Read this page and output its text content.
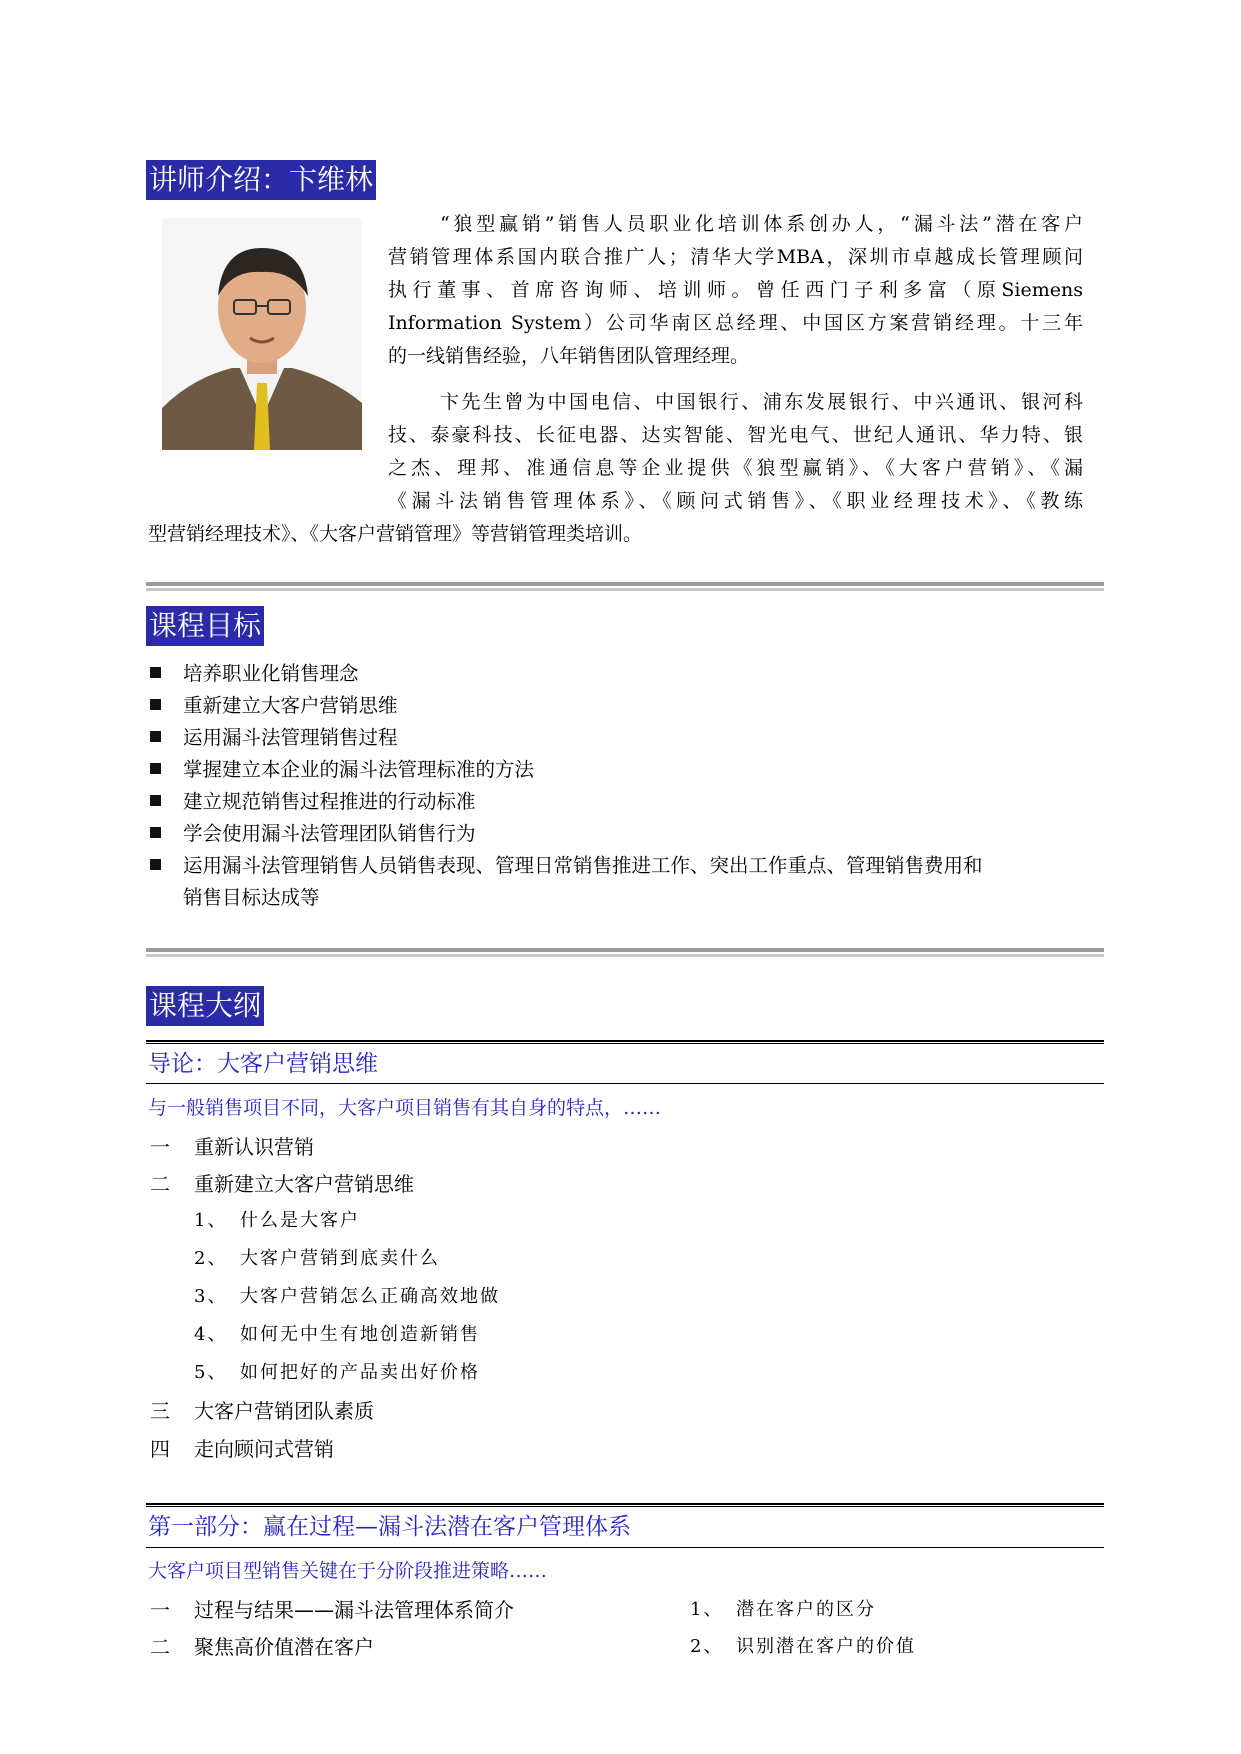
讲师介绍：卞维林
“狼型赢销”销售人员职业化培训体系创办人，“漏斗法”潜在客户
营销管理体系国内联合推广人；清华大学MBA，深圳市卓越成长管理顾问
执行董事、首席咨询师、培训师。曾任西门子利多富（原Siemens
Information System）公司华南区总经理、中国区方案营销经理。十三年
的一线销售经验，八年销售团队管理经理。
卞先生曾为中国电信、中国银行、浦东发展银行、中兴通讯、银河科
技、泰豪科技、长征电器、达实智能、智光电气、世纪人通讯、华力特、银
之杰、理邦、准通信息等企业提供《狼型赢销》、《大客户营销》、《漏
《漏斗法销售管理体系》、《顾问式销售》、《职业经理技术》、《教练
型营销经理技术》、《大客户营销管理》等营销管理类培训。
课程目标
培养职业化销售理念
重新建立大客户营销思维
运用漏斗法管理销售过程
掌握建立本企业的漏斗法管理标准的方法
建立规范销售过程推进的行动标准
学会使用漏斗法管理团队销售行为
运用漏斗法管理销售人员销售表现、管理日常销售推进工作、突出工作重点、管理销售费用和
销售目标达成等
课程大纲
导论：大客户营销思维
与一般销售项目不同，大客户项目销售有其自身的特点，……
一 重新认识营销
二 重新建立大客户营销思维
1、 什么是大客户
2、 大客户营销到底卖什么
3、 大客户营销怎么正确高效地做
4、 如何无中生有地创造新销售
5、 如何把好的产品卖出好价格
三 大客户营销团队素质
四 走向顾问式营销
第一部分：赢在过程—漏斗法潜在客户管理体系
大客户项目型销售关键在于分阶段推进策略……
一 过程与结果——漏斗法管理体系简介
二 聚焦高价值潜在客户
1、 潜在客户的区分
2、 识别潜在客户的价值
